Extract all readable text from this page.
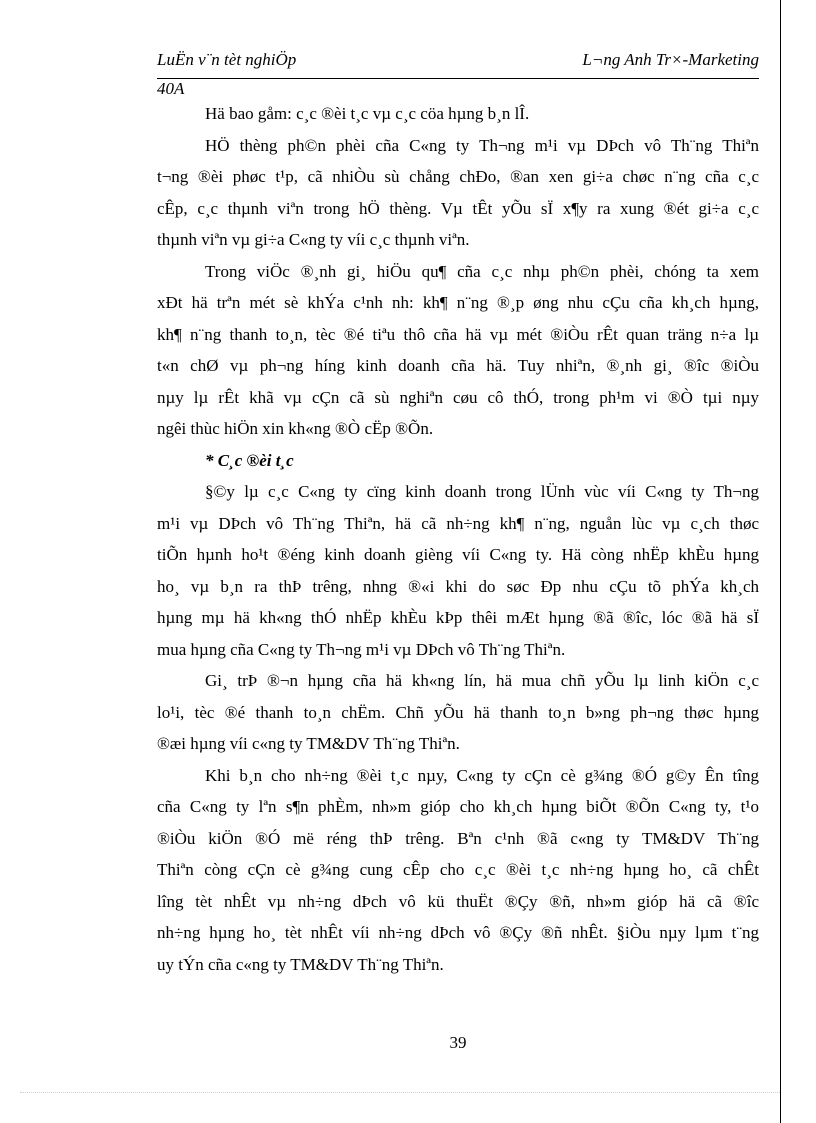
LuËn v¨n tèt nghiÖp	L¬ng Anh Tr×-Marketing
40A
Hä bao gåm: c¸c ®èi t¸c vµ c¸c cöa hµng b¸n lÎ.
HÖ thèng ph©n phèi cña C«ng ty Th¬ng m¹i vµ DÞch vô Th¨ng Thiªn
t¬ng ®èi phøc t¹p, cã nhiÒu sù chång chÐo, ®an xen gi÷a chøc n¨ng cña c¸c
cÊp, c¸c thµnh viªn trong hÖ thèng. Vµ tÊt yÕu sÏ x¶y ra xung ®ét gi÷a c¸c
thµnh viªn vµ gi÷a C«ng ty víi c¸c thµnh viªn.
Trong viÖc ®¸nh gi¸ hiÖu qu¶ cña c¸c nhµ ph©n phèi, chóng ta xem
xÐt hä trªn mét sè khÝa c¹nh nh: kh¶ n¨ng ®¸p øng nhu cÇu cña kh¸ch hµng,
kh¶ n¨ng thanh to¸n, tèc ®é tiªu thô cña hä vµ mét ®iÒu rÊt quan träng n÷a lµ
t«n chØ vµ ph¬ng híng kinh doanh cña hä. Tuy nhiªn, ®¸nh gi¸ ®îc ®iÒu
nµy lµ rÊt khã vµ cÇn cã sù nghiªn cøu cô thÓ, trong ph¹m vi ®Ò tµi nµy
ngêi thùc hiÖn xin kh«ng ®Ò cËp ®Õn.
* C¸c ®èi t¸c
§©y lµ c¸c C«ng ty cïng kinh doanh trong lÜnh vùc víi C«ng ty Th¬ng
m¹i vµ DÞch vô Th¨ng Thiªn, hä cã nh÷ng kh¶ n¨ng, nguån lùc vµ c¸ch thøc
tiÕn hµnh ho¹t ®éng kinh doanh gièng víi C«ng ty. Hä còng nhËp khÈu hµng
ho¸ vµ b¸n ra thÞ trêng, nhng ®«i khi do søc Ðp nhu cÇu tõ phÝa kh¸ch
hµng mµ hä kh«ng thÓ nhËp khÈu kÞp thêi mÆt hµng ®ã ®îc, lóc ®ã hä sÏ
mua hµng cña C«ng ty Th¬ng m¹i vµ DÞch vô Th¨ng Thiªn.
Gi¸ trÞ ®¬n hµng cña hä kh«ng lín, hä mua chñ yÕu lµ linh kiÖn c¸c
lo¹i, tèc ®é thanh to¸n chËm. Chñ yÕu hä thanh to¸n b»ng ph¬ng thøc hµng
®æi hµng víi c«ng ty TM&DV Th¨ng Thiªn.
Khi b¸n cho nh÷ng ®èi t¸c nµy, C«ng ty cÇn cè g¾ng ®Ó g©y Ên tîng
cña C«ng ty lªn s¶n phÈm, nh»m gióp cho kh¸ch hµng biÕt ®Õn C«ng ty, t¹o
®iÒu kiÖn ®Ó më réng thÞ trêng. Bªn c¹nh ®ã c«ng ty TM&DV Th¨ng
Thiªn còng cÇn cè g¾ng cung cÊp cho c¸c ®èi t¸c nh÷ng hµng ho¸ cã chÊt
lîng tèt nhÊt vµ nh÷ng dÞch vô kü thuËt ®Çy ®ñ, nh»m gióp hä cã ®îc
nh÷ng hµng ho¸ tèt nhÊt víi nh÷ng dÞch vô ®Çy ®ñ nhÊt. §iÒu nµy lµm t¨ng
uy tÝn cña c«ng ty TM&DV Th¨ng Thiªn.
39
